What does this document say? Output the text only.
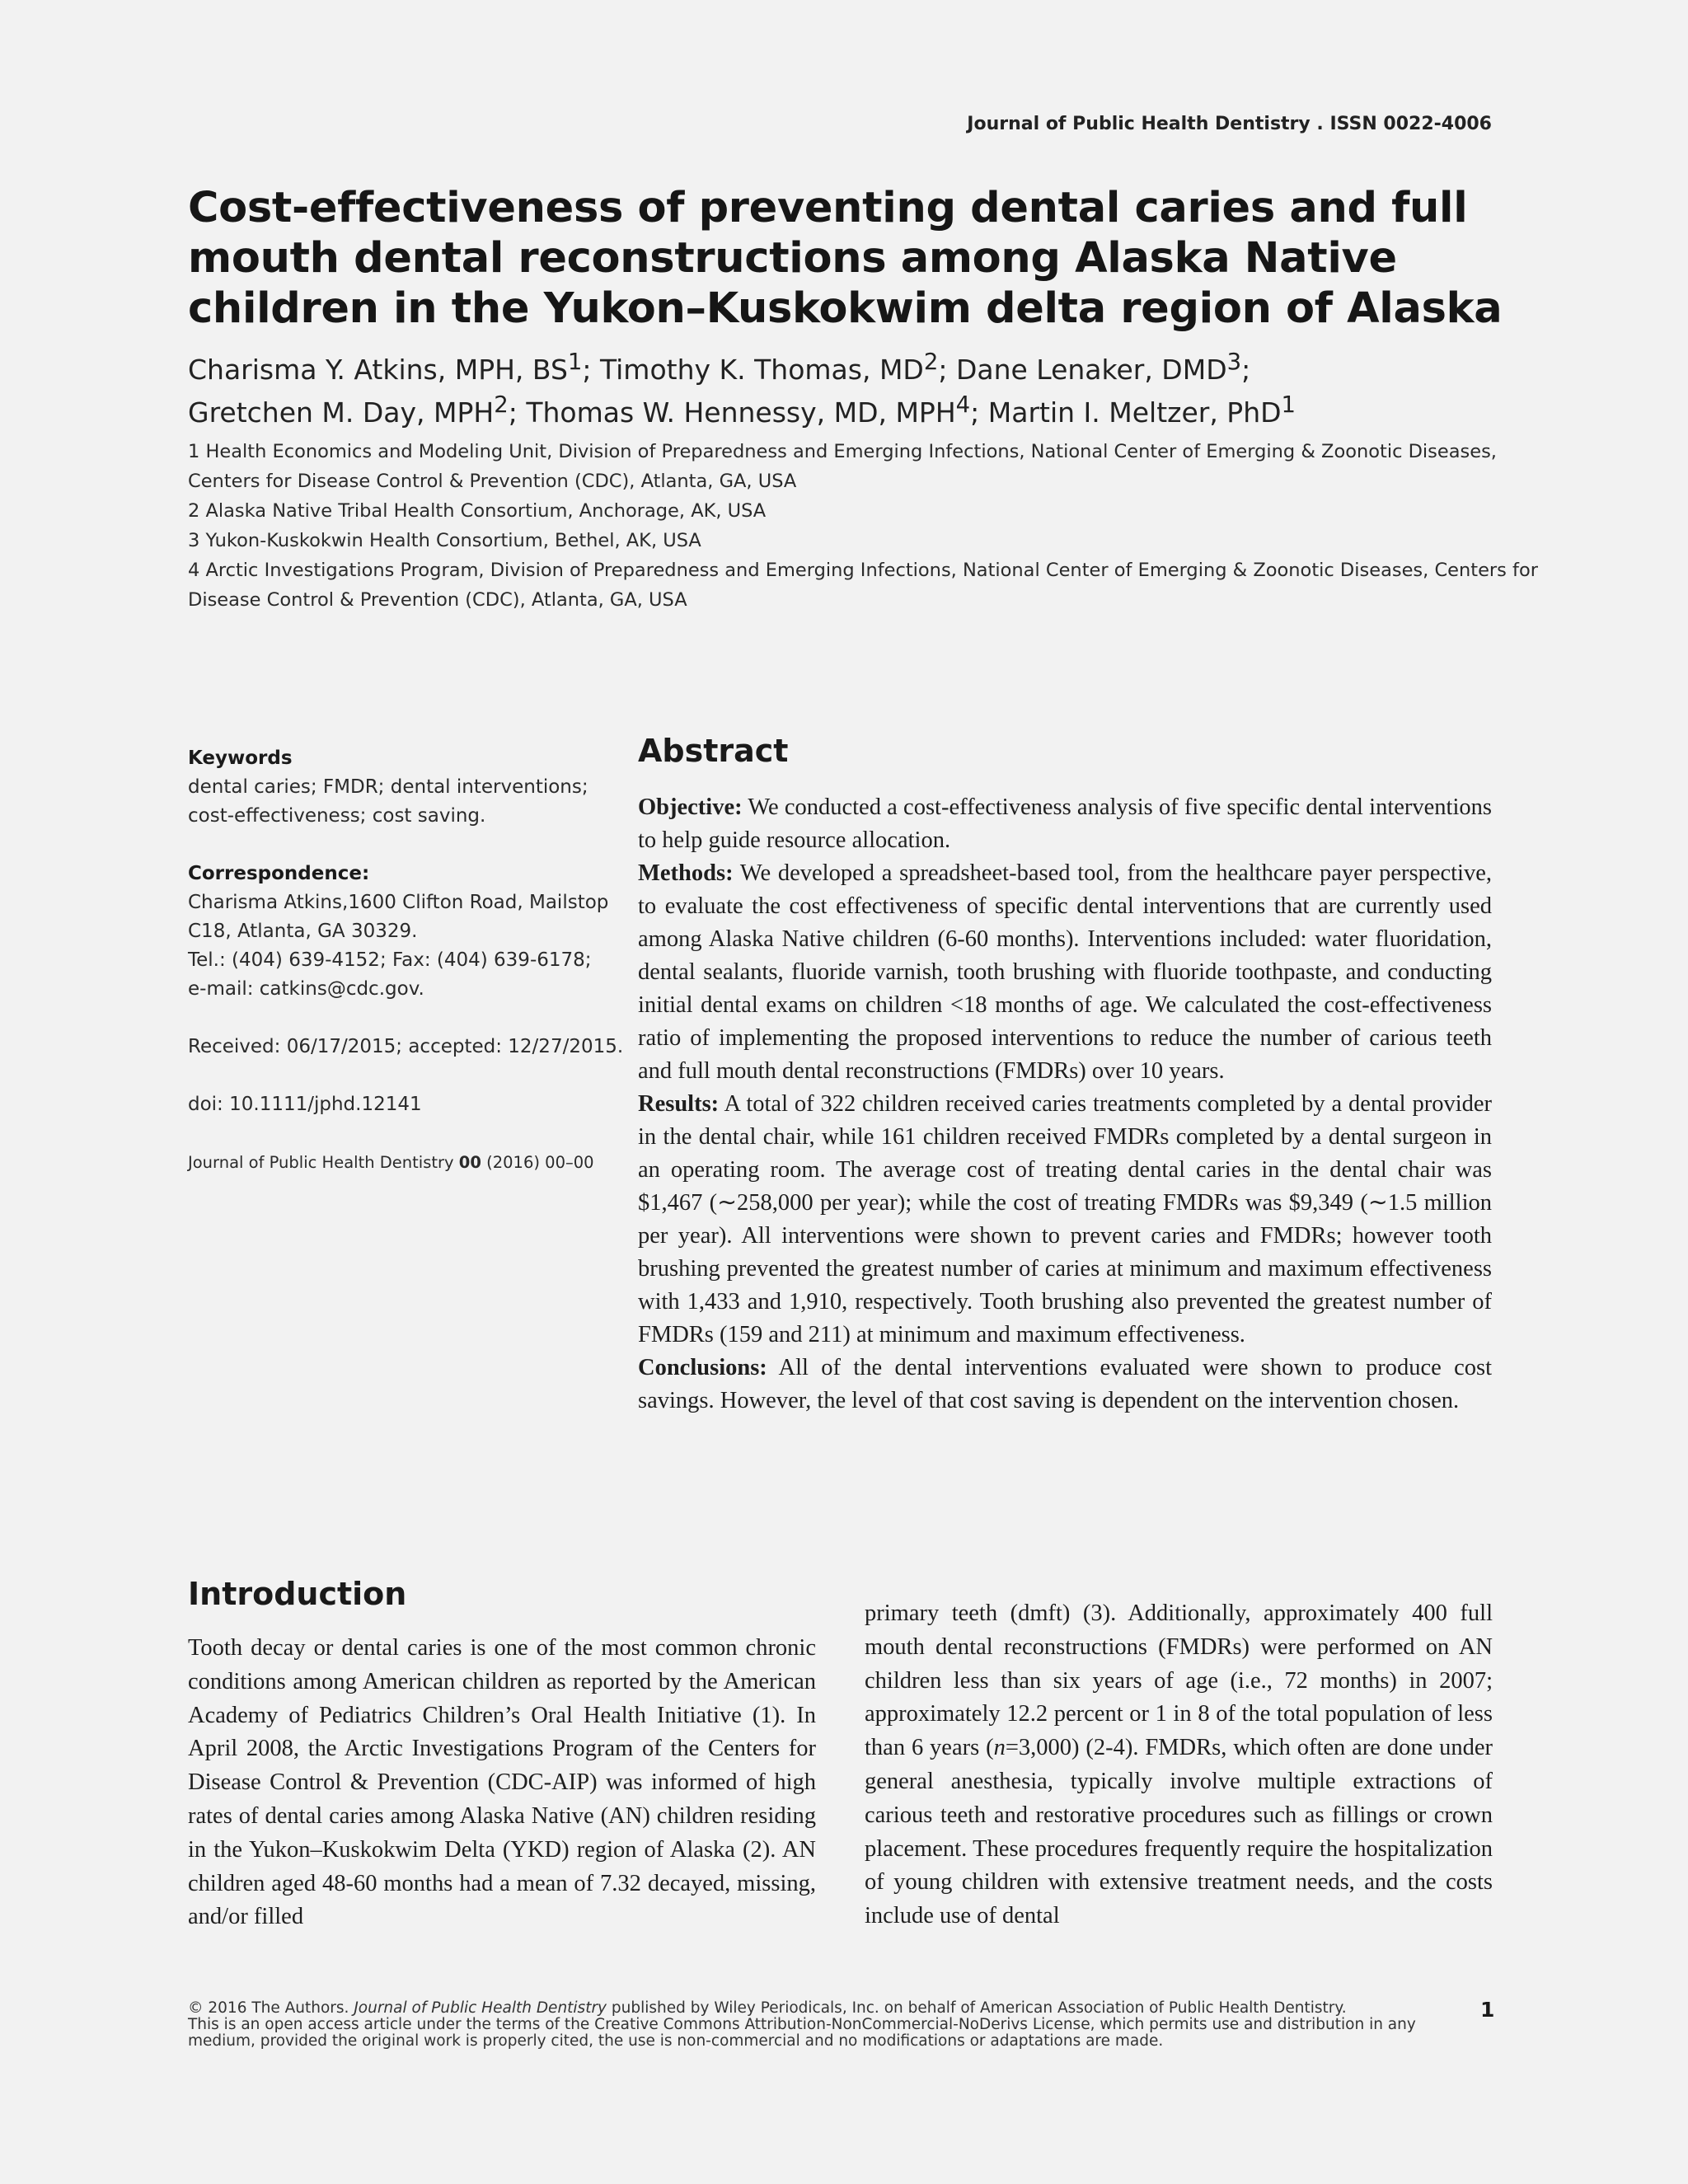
Journal of Public Health Dentistry . ISSN 0022-4006
Cost-effectiveness of preventing dental caries and full
mouth dental reconstructions among Alaska Native
children in the Yukon–Kuskokwim delta region of Alaska
Charisma Y. Atkins, MPH, $BS^1$; Timothy K. Thomas, $MD^2$; Dane Lenaker, DMD$^3$;
Gretchen M. Day, MPH$^2$; Thomas W. Hennessy, MD, MPH$^4$; Martin I. Meltzer, PhD$^1$
1 Health Economics and Modeling Unit, Division of Preparedness and Emerging Infections, National Center of Emerging & Zoonotic Diseases,
Centers for Disease Control & Prevention (CDC), Atlanta, GA, USA
2 Alaska Native Tribal Health Consortium, Anchorage, AK, USA
3 Yukon-Kuskokwin Health Consortium, Bethel, AK, USA
4 Arctic Investigations Program, Division of Preparedness and Emerging Infections, National Center of Emerging & Zoonotic Diseases, Centers for
Disease Control & Prevention (CDC), Atlanta, GA, USA
Keywords
dental caries; FMDR; dental interventions;
cost-effectiveness; cost saving.
Correspondence:
Charisma Atkins,1600 Clifton Road, Mailstop
C18, Atlanta, GA 30329.
Tel.: (404) 639-4152; Fax: (404) 639-6178;
e-mail: catkins@cdc.gov.
Received: 06/17/2015; accepted: 12/27/2015.
doi: 10.1111/jphd.12141
Journal of Public Health Dentistry 00 (2016) 00–00
Abstract

Objective: We conducted a cost-effectiveness analysis of five specific dental interventions to help guide resource allocation.

Methods: We developed a spreadsheet-based tool, from the healthcare payer perspective, to evaluate the cost effectiveness of specific dental interventions that are currently used among Alaska Native children (6-60 months). Interventions included: water fluoridation, dental sealants, fluoride varnish, tooth brushing with fluoride toothpaste, and conducting initial dental exams on children <18 months of age. We calculated the cost-effectiveness ratio of implementing the proposed interventions to reduce the number of carious teeth and full mouth dental reconstructions (FMDRs) over 10 years.

Results: A total of 322 children received caries treatments completed by a dental provider in the dental chair, while 161 children received FMDRs completed by a dental surgeon in an operating room. The average cost of treating dental caries in the dental chair was $1,467 (∼258,000 per year); while the cost of treating FMDRs was $9,349 (∼1.5 million per year). All interventions were shown to prevent caries and FMDRs; however tooth brushing prevented the greatest number of caries at minimum and maximum effectiveness with 1,433 and 1,910, respectively. Tooth brushing also prevented the greatest number of FMDRs (159 and 211) at minimum and maximum effectiveness.

Conclusions: All of the dental interventions evaluated were shown to produce cost savings. However, the level of that cost saving is dependent on the intervention chosen.

Introduction

Tooth decay or dental caries is one of the most common chronic conditions among American children as reported by the American Academy of Pediatrics Children’s Oral Health Initiative (1). In April 2008, the Arctic Investigations Program of the Centers for Disease Control & Prevention (CDC-AIP) was informed of high rates of dental caries among Alaska Native (AN) children residing in the Yukon–Kuskokwim Delta (YKD) region of Alaska (2). AN children aged 48-60 months had a mean of 7.32 decayed, missing, and/or filled

primary teeth (dmft) (3). Additionally, approximately 400 full mouth dental reconstructions (FMDRs) were performed on AN children less than six years of age (i.e., 72 months) in 2007; approximately 12.2 percent or 1 in 8 of the total population of less than 6 years (n=3,000) (2-4). FMDRs, which often are done under general anesthesia, typically involve multiple extractions of carious teeth and restorative procedures such as fillings or crown placement. These procedures frequently require the hospitalization of young children with extensive treatment needs, and the costs include use of dental

© 2016 The Authors. Journal of Public Health Dentistry published by Wiley Periodicals, Inc. on behalf of American Association of Public Health Dentistry.
This is an open access article under the terms of the Creative Commons Attribution-NonCommercial-NoDerivs License, which permits use and distribution in any
medium, provided the original work is properly cited, the use is non-commercial and no modifications or adaptations are made.
1
